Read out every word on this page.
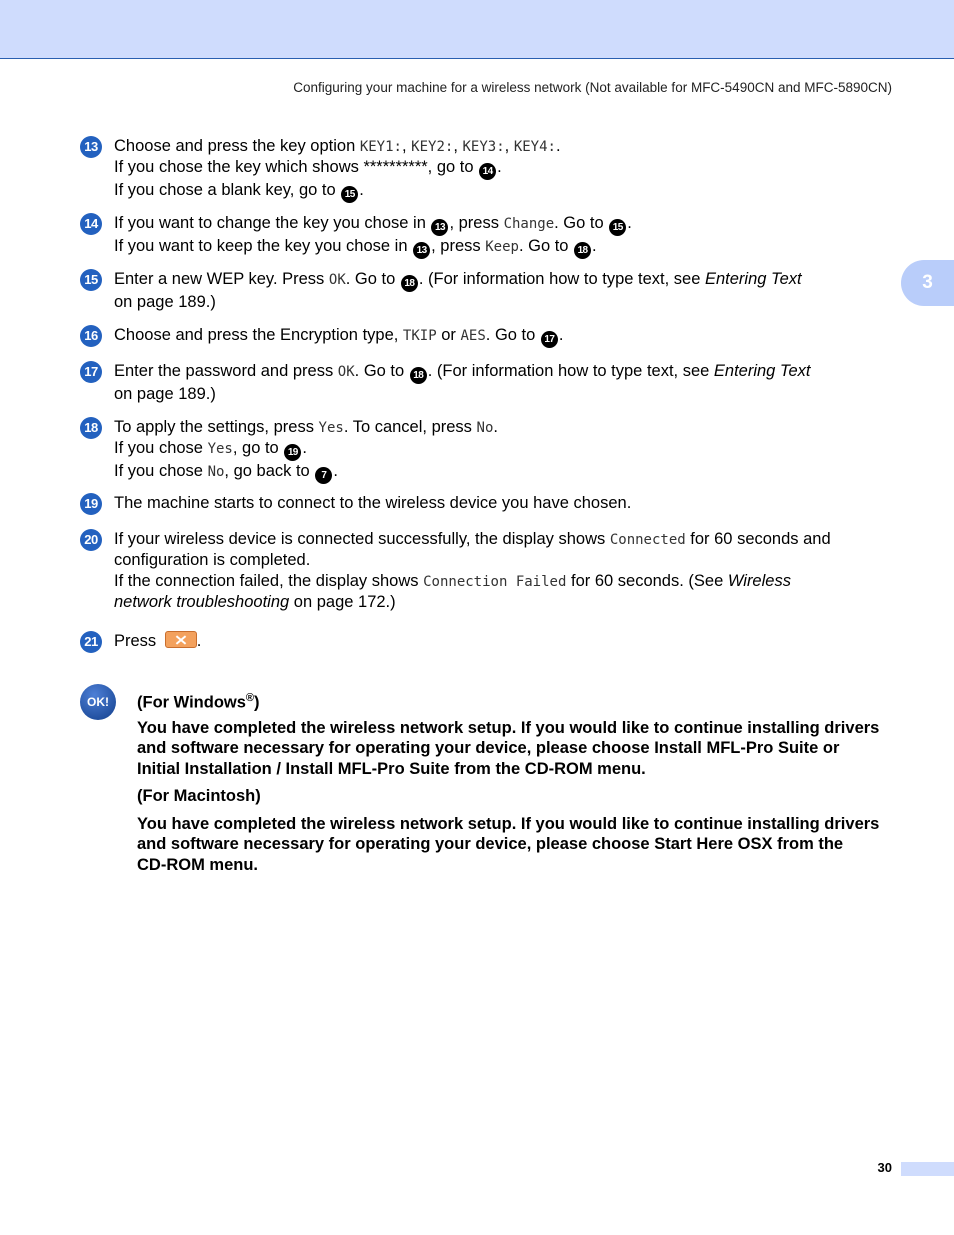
Configuring your machine for a wireless network (Not available for MFC-5490CN and MFC-5890CN)
3
13 Choose and press the key option KEY1:, KEY2:, KEY3:, KEY4:.
If you chose the key which shows **********, go to 14 .
If you chose a blank key, go to 15 .
14 If you want to change the key you chose in 13 , press Change. Go to 15 .
If you want to keep the key you chose in 13 , press Keep. Go to 18 .
15 Enter a new WEP key. Press OK. Go to 18 . (For information how to type text, see Entering Text
on page 189.)
16 Choose and press the Encryption type, TKIP or AES. Go to 17 .
17 Enter the password and press OK. Go to 18 . (For information how to type text, see Entering Text
on page 189.)
18 To apply the settings, press Yes. To cancel, press No.
If you chose Yes, go to 19 .
If you chose No, go back to 7 .
19 The machine starts to connect to the wireless device you have chosen.
20 If your wireless device is connected successfully, the display shows Connected for 60 seconds and
configuration is completed.
If the connection failed, the display shows Connection Failed for 60 seconds. (See Wireless
network troubleshooting on page 172.)
21 Press .
OK!	(For Windows®)
You have completed the wireless network setup. If you would like to continue installing drivers
and software necessary for operating your device, please choose Install MFL-Pro Suite or
Initial Installation / Install MFL-Pro Suite from the CD-ROM menu.
(For Macintosh)
You have completed the wireless network setup. If you would like to continue installing drivers
and software necessary for operating your device, please choose Start Here OSX from the
CD-ROM menu.
30
